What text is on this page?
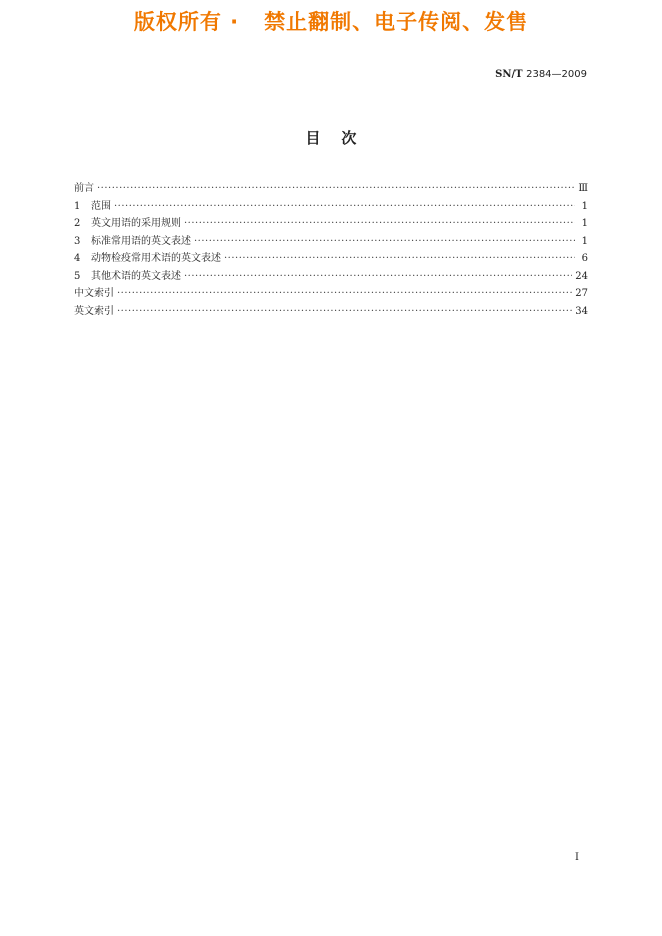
版权所有 ·   禁止翻制、电子传阅、发售
SN/T 2384—2009
目    次
前言 ·····	Ⅲ
1	范围 ·····	1
2	英文用语的采用规则 ·····	1
3	标准常用语的英文表述 ·····	1
4	动物检疫常用术语的英文表述 ·····	6
5	其他术语的英文表述 ·····	24
中文索引 ·····	27
英文索引 ·····	34
Ⅰ
